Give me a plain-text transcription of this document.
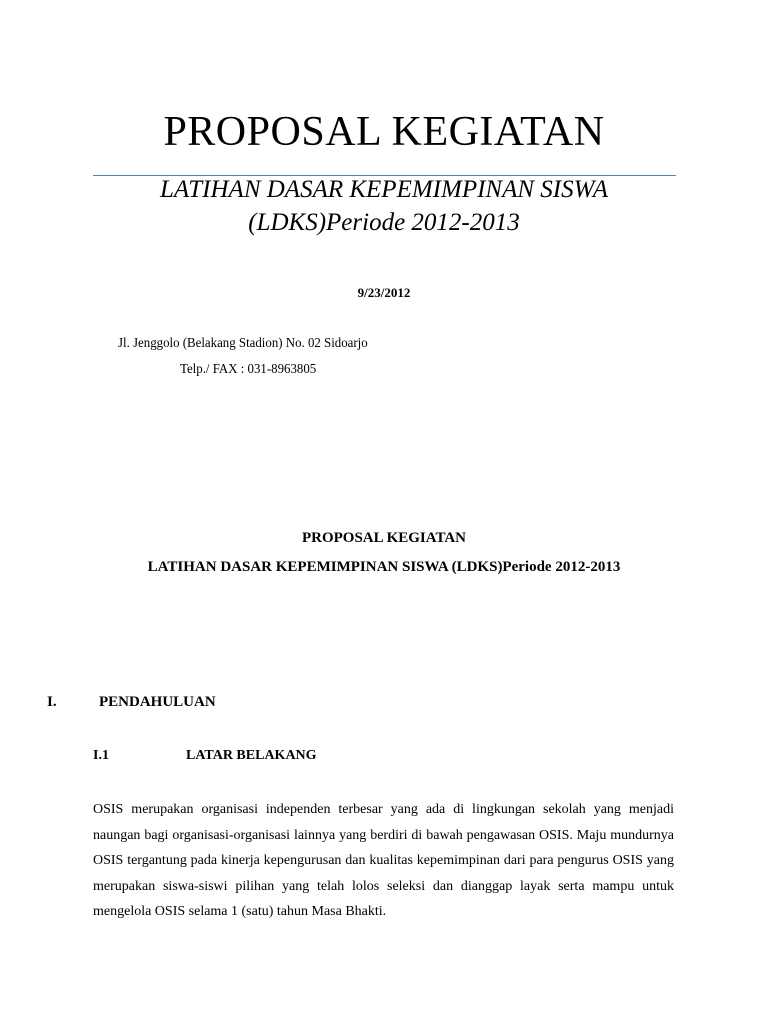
PROPOSAL KEGIATAN
LATIHAN DASAR KEPEMIMPINAN SISWA
(LDKS)Periode 2012-2013
9/23/2012
Jl. Jenggolo (Belakang Stadion) No. 02 Sidoarjo
Telp./ FAX : 031-8963805
PROPOSAL KEGIATAN
LATIHAN DASAR KEPEMIMPINAN SISWA (LDKS)Periode 2012-2013
I.	PENDAHULUAN
I.1	LATAR BELAKANG

OSIS merupakan organisasi independen terbesar yang ada di lingkungan sekolah yang menjadi naungan bagi organisasi-organisasi lainnya yang berdiri di bawah pengawasan OSIS. Maju mundurnya OSIS tergantung pada kinerja kepengurusan dan kualitas kepemimpinan dari para pengurus OSIS yang merupakan siswa-siswi pilihan yang telah lolos seleksi dan dianggap layak serta mampu untuk mengelola OSIS selama 1 (satu) tahun Masa Bhakti.
